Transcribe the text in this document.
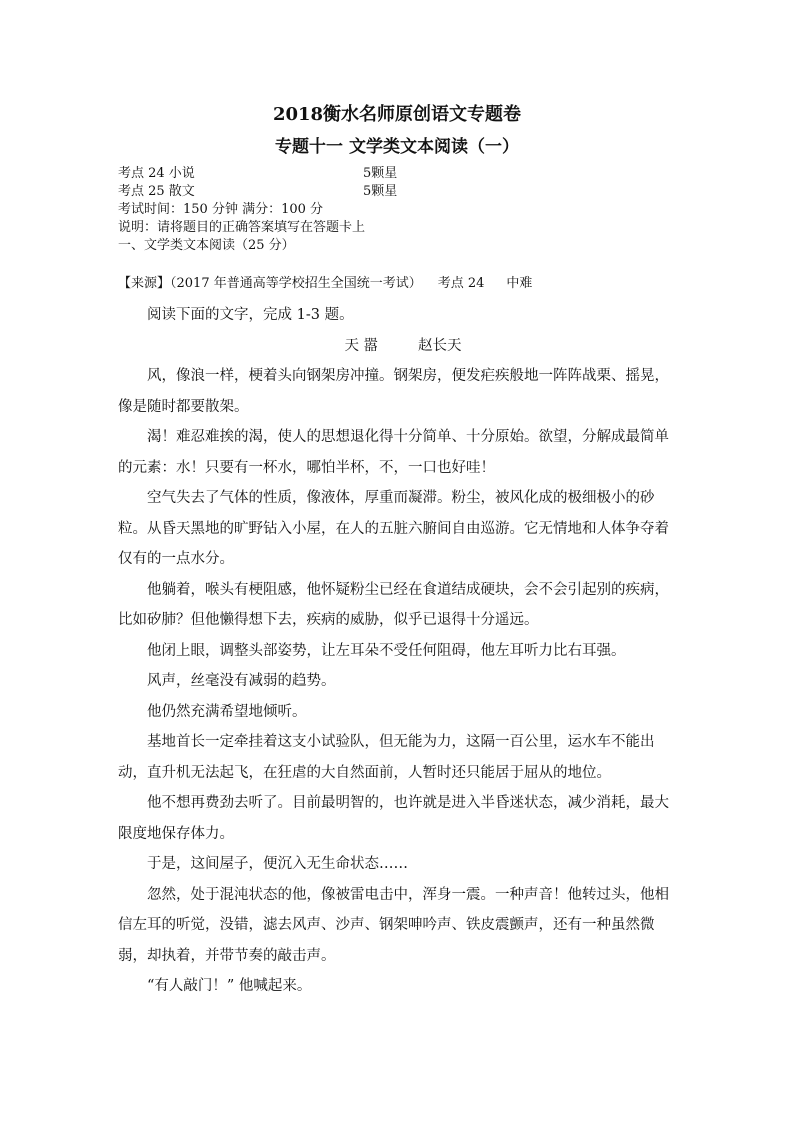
2018衡水名师原创语文专题卷
专题十一 文学类文本阅读（一）
考点 24 小说	5颗星
考点 25 散文	5颗星
考试时间：150 分钟 满分：100 分
说明：请将题目的正确答案填写在答题卡上
一、文学类文本阅读（25 分）
【来源】（2017 年普通高等学校招生全国统一考试） 考点 24 中难

阅读下面的文字，完成 1-3 题。

天 嚣	赵长天

风，像浪一样，梗着头向钢架房冲撞。钢架房，便发疟疾般地一阵阵战栗、摇晃，像是随时都要散架。

渴！难忍难挨的渴，使人的思想退化得十分简单、十分原始。欲望，分解成最简单的元素：水！只要有一杯水，哪怕半杯，不，一口也好哇！

空气失去了气体的性质，像液体，厚重而凝滞。粉尘，被风化成的极细极小的砂粒。从昏天黑地的旷野钻入小屋，在人的五脏六腑间自由巡游。它无情地和人体争夺着仅有的一点水分。

他躺着，喉头有梗阻感，他怀疑粉尘已经在食道结成硬块，会不会引起别的疾病，比如矽肺？但他懒得想下去，疾病的威胁，似乎已退得十分遥远。

他闭上眼，调整头部姿势，让左耳朵不受任何阻碍，他左耳听力比右耳强。

风声，丝毫没有减弱的趋势。

他仍然充满希望地倾听。

基地首长一定牵挂着这支小试验队，但无能为力，这隔一百公里，运水车不能出动，直升机无法起飞，在狂虐的大自然面前，人暂时还只能居于屈从的地位。

他不想再费劲去听了。目前最明智的，也许就是进入半昏迷状态，减少消耗，最大限度地保存体力。

于是，这间屋子，便沉入无生命状态……

忽然，处于混沌状态的他，像被雷电击中，浑身一震。一种声音！他转过头，他相信左耳的听觉，没错，滤去风声、沙声、钢架呻吟声、铁皮震颤声，还有一种虽然微弱，却执着，并带节奏的敲击声。

“有人敲门！” 他喊起来。
